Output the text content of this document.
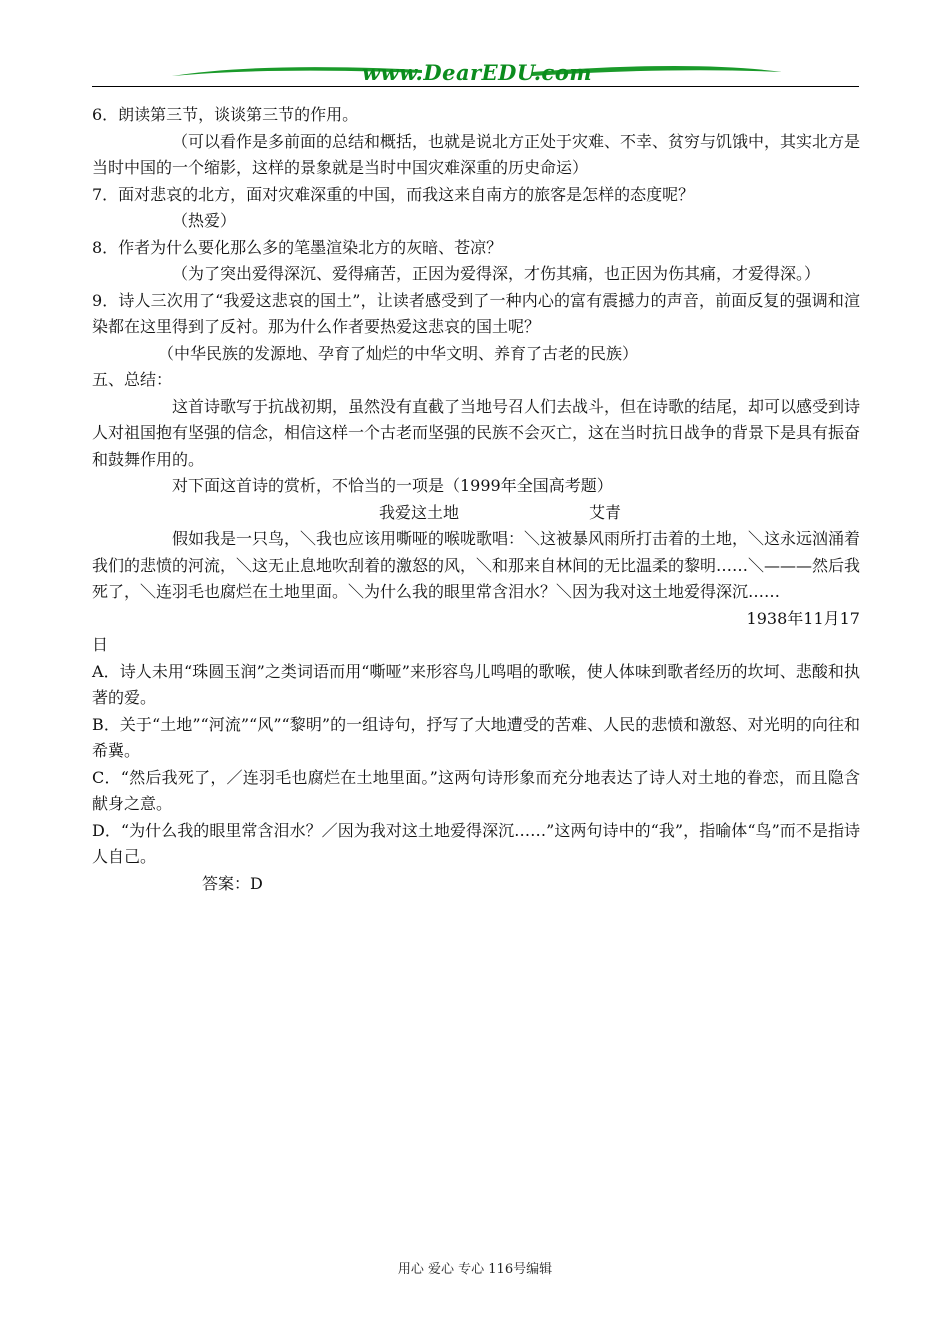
www.DearEDU.com

6．朗读第三节，谈谈第三节的作用。

（可以看作是多前面的总结和概括，也就是说北方正处于灾难、不幸、贫穷与饥饿中，其实北方是当时中国的一个缩影，这样的景象就是当时中国灾难深重的历史命运）

7．面对悲哀的北方，面对灾难深重的中国，而我这来自南方的旅客是怎样的态度呢？

（热爱）

8．作者为什么要化那么多的笔墨渲染北方的灰暗、苍凉？

（为了突出爱得深沉、爱得痛苦，正因为爱得深，才伤其痛，也正因为伤其痛，才爱得深。）

9．诗人三次用了“我爱这悲哀的国土”，让读者感受到了一种内心的富有震撼力的声音，前面反复的强调和渲染都在这里得到了反衬。那为什么作者要热爱这悲哀的国土呢？

（中华民族的发源地、孕育了灿烂的中华文明、养育了古老的民族）

五、总结：

这首诗歌写于抗战初期，虽然没有直截了当地号召人们去战斗，但在诗歌的结尾，却可以感受到诗人对祖国抱有坚强的信念，相信这样一个古老而坚强的民族不会灭亡，这在当时抗日战争的背景下是具有振奋和鼓舞作用的。

对下面这首诗的赏析，不恰当的一项是（1999年全国高考题）

我爱这土地	艾青

假如我是一只鸟，＼我也应该用嘶哑的喉咙歌唱：＼这被暴风雨所打击着的土地，＼这永远汹涌着我们的悲愤的河流，＼这无止息地吹刮着的激怒的风，＼和那来自林间的无比温柔的黎明……＼———然后我死了，＼连羽毛也腐烂在土地里面。＼为什么我的眼里常含泪水？＼因为我对这土地爱得深沉……

1938年11月17

日

A．诗人未用“珠圆玉润”之类词语而用“嘶哑”来形容鸟儿鸣唱的歌喉，使人体味到歌者经历的坎坷、悲酸和执著的爱。

B．关于“土地”“河流”“风”“黎明”的一组诗句，抒写了大地遭受的苦难、人民的悲愤和激怒、对光明的向往和希冀。

C．“然后我死了，／连羽毛也腐烂在土地里面。”这两句诗形象而充分地表达了诗人对土地的眷恋，而且隐含献身之意。

D．“为什么我的眼里常含泪水？／因为我对这土地爱得深沉……”这两句诗中的“我”，指喻体“鸟”而不是指诗人自己。

答案：D

用心 爱心 专心 116号编辑
